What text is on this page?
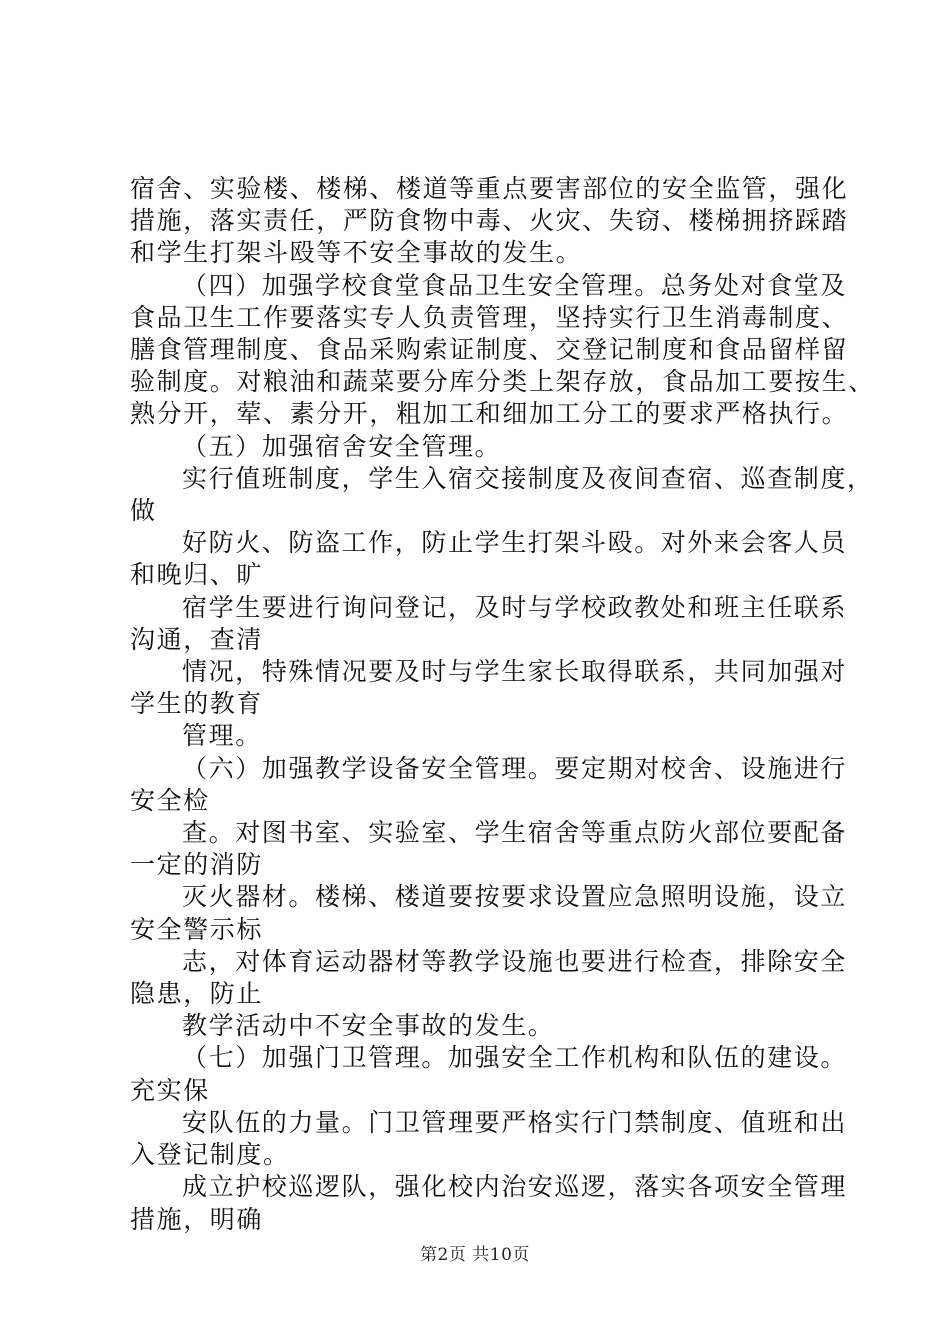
宿舍、实验楼、楼梯、楼道等重点要害部位的安全监管，强化
措施，落实责任，严防食物中毒、火灾、失窃、楼梯拥挤踩踏
和学生打架斗殴等不安全事故的发生。
（四）加强学校食堂食品卫生安全管理。总务处对食堂及
食品卫生工作要落实专人负责管理，坚持实行卫生消毒制度、
膳食管理制度、食品采购索证制度、交登记制度和食品留样留
验制度。对粮油和蔬菜要分库分类上架存放，食品加工要按生、
熟分开，荤、素分开，粗加工和细加工分工的要求严格执行。
（五）加强宿舍安全管理。
实行值班制度，学生入宿交接制度及夜间查宿、巡查制度，
做
好防火、防盗工作，防止学生打架斗殴。对外来会客人员
和晚归、旷
宿学生要进行询问登记，及时与学校政教处和班主任联系
沟通，查清
情况，特殊情况要及时与学生家长取得联系，共同加强对
学生的教育
管理。
（六）加强教学设备安全管理。要定期对校舍、设施进行
安全检
查。对图书室、实验室、学生宿舍等重点防火部位要配备
一定的消防
灭火器材。楼梯、楼道要按要求设置应急照明设施，设立
安全警示标
志，对体育运动器材等教学设施也要进行检查，排除安全
隐患，防止
教学活动中不安全事故的发生。
（七）加强门卫管理。加强安全工作机构和队伍的建设。
充实保
安队伍的力量。门卫管理要严格实行门禁制度、值班和出
入登记制度。
成立护校巡逻队，强化校内治安巡逻，落实各项安全管理
措施，明确
第2页 共10页
